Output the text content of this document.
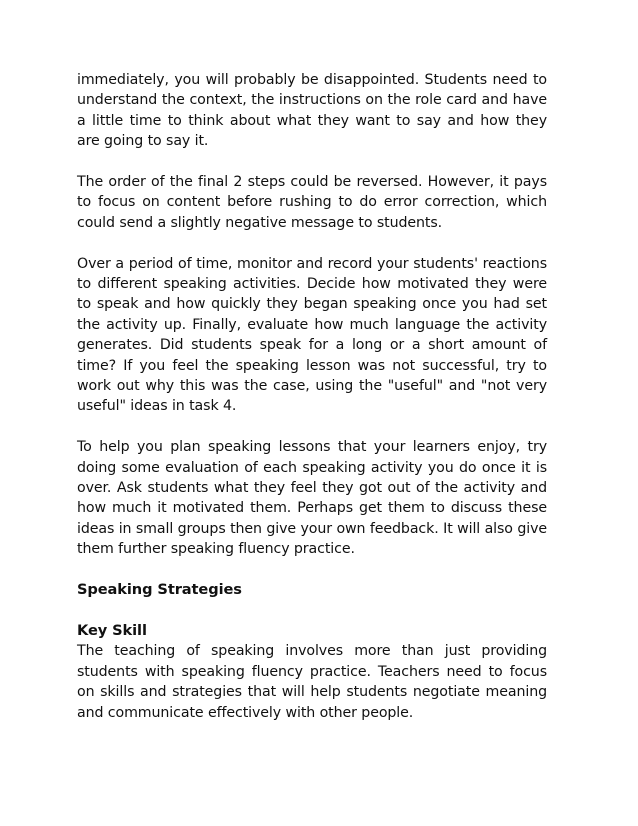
immediately, you will probably be disappointed. Students need to understand the context, the instructions on the role card and have a little time to think about what they want to say and how they are going to say it.

The order of the final 2 steps could be reversed. However, it pays to focus on content before rushing to do error correction, which could send a slightly negative message to students.

Over a period of time, monitor and record your students' reactions to different speaking activities. Decide how motivated they were to speak and how quickly they began speaking once you had set the activity up. Finally, evaluate how much language the activity generates. Did students speak for a long or a short amount of time? If you feel the speaking lesson was not successful, try to work out why this was the case, using the "useful" and "not very useful" ideas in task 4.

To help you plan speaking lessons that your learners enjoy, try doing some evaluation of each speaking activity you do once it is over. Ask students what they feel they got out of the activity and how much it motivated them. Perhaps get them to discuss these ideas in small groups then give your own feedback. It will also give them further speaking fluency practice.

Speaking Strategies

Key Skill

The teaching of speaking involves more than just providing students with speaking fluency practice. Teachers need to focus on skills and strategies that will help students negotiate meaning and communicate effectively with other people.
